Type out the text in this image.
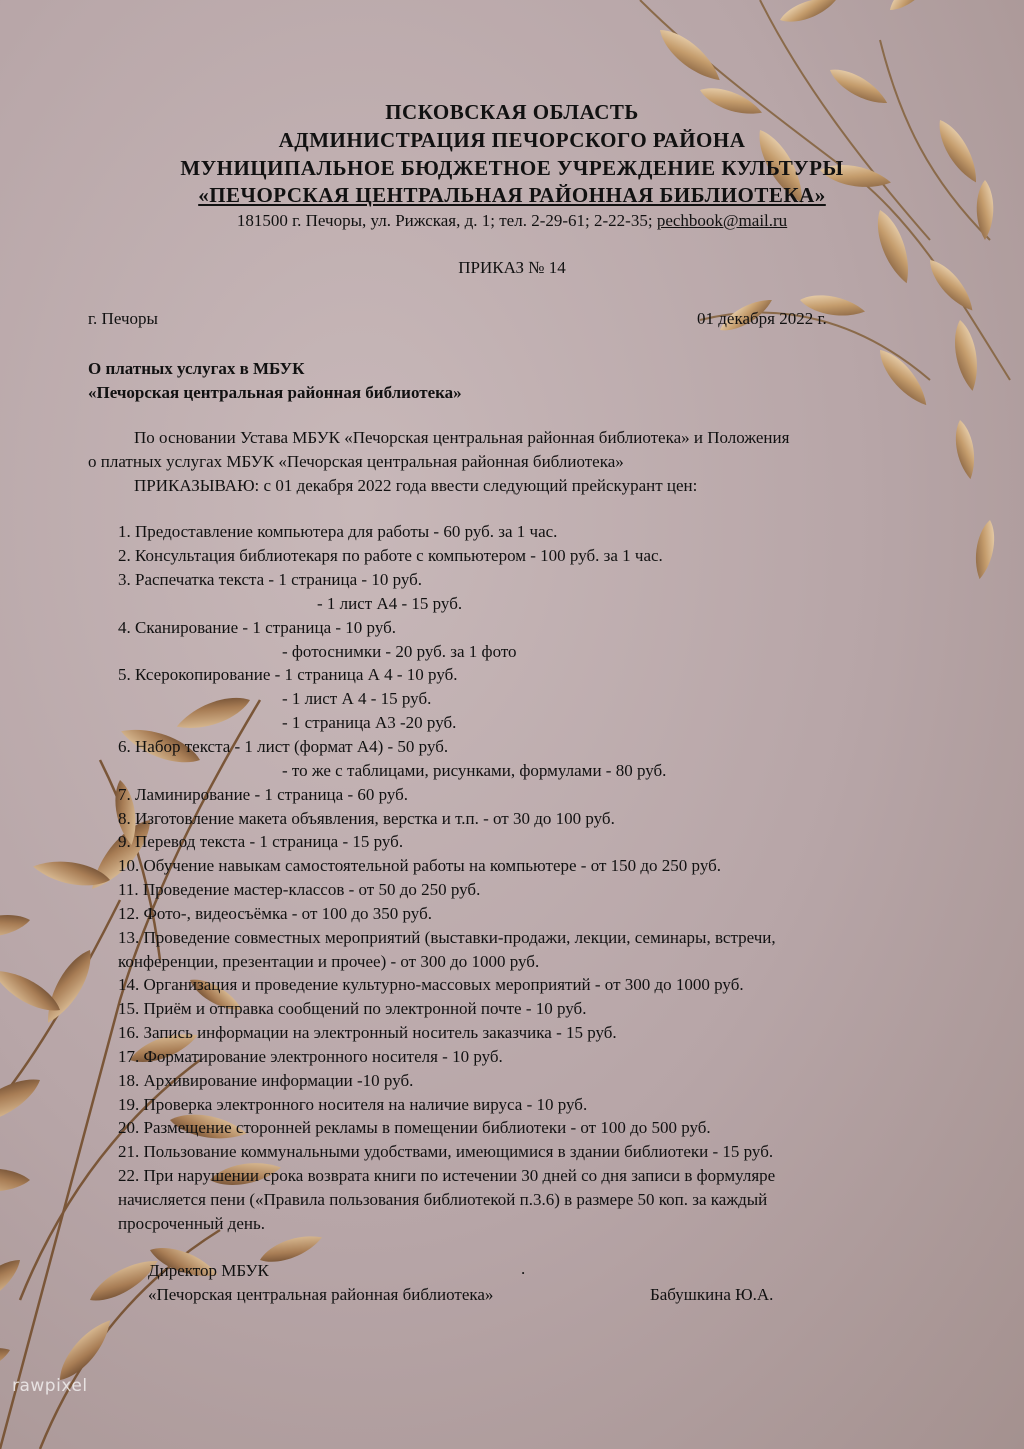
ПСКОВСКАЯ ОБЛАСТЬ
АДМИНИСТРАЦИЯ ПЕЧОРСКОГО РАЙОНА
МУНИЦИПАЛЬНОЕ БЮДЖЕТНОЕ УЧРЕЖДЕНИЕ КУЛЬТУРЫ
«ПЕЧОРСКАЯ ЦЕНТРАЛЬНАЯ РАЙОННАЯ БИБЛИОТЕКА»
181500 г. Печоры, ул. Рижская, д. 1; тел. 2-29-61; 2-22-35; pechbook@mail.ru
ПРИКАЗ № 14
г. Печоры	01 декабря 2022 г.
О платных услугах в МБУК
«Печорская центральная районная библиотека»
По основании Устава МБУК «Печорская центральная районная библиотека» и Положения
о платных услугах МБУК «Печорская центральная районная библиотека»
ПРИКАЗЫВАЮ: с 01 декабря 2022 года ввести следующий прейскурант цен:
1. Предоставление компьютера для работы - 60 руб. за 1 час.
2. Консультация библиотекаря по работе с компьютером - 100 руб. за 1 час.
3. Распечатка текста - 1 страница - 10 руб.
- 1 лист А4 - 15 руб.
4. Сканирование - 1 страница - 10 руб.
- фотоснимки - 20 руб. за 1 фото
5. Ксерокопирование - 1 страница А 4 - 10 руб.
- 1 лист А 4 - 15 руб.
- 1 страница А3 -20 руб.
6. Набор текста - 1 лист (формат А4) - 50 руб.
- то же с таблицами, рисунками, формулами - 80 руб.
7. Ламинирование - 1 страница - 60 руб.
8. Изготовление макета объявления, верстка и т.п. - от 30 до 100 руб.
9. Перевод текста - 1 страница - 15 руб.
10. Обучение навыкам самостоятельной работы на компьютере - от 150 до 250 руб.
11. Проведение мастер-классов - от 50 до 250 руб.
12. Фото-, видеосъёмка - от 100 до 350 руб.
13. Проведение совместных мероприятий (выставки-продажи, лекции, семинары, встречи,
конференции, презентации и прочее) - от 300 до 1000 руб.
14. Организация и проведение культурно-массовых мероприятий - от 300 до 1000 руб.
15. Приём и отправка сообщений по электронной почте - 10 руб.
16. Запись информации на электронный носитель заказчика - 15 руб.
17. Форматирование электронного носителя - 10 руб.
18. Архивирование информации -10 руб.
19. Проверка электронного носителя на наличие вируса - 10 руб.
20. Размещение сторонней рекламы в помещении библиотеки - от 100 до 500 руб.
21. Пользование коммунальными удобствами, имеющимися в здании библиотеки - 15 руб.
22. При нарушении срока возврата книги по истечении 30 дней со дня записи в формуляре
начисляется пени («Правила пользования библиотекой п.3.6) в размере 50 коп. за каждый
просроченный день.
Директор МБУК	.
«Печорская центральная районная библиотека»	Бабушкина Ю.А.
rawpixel
